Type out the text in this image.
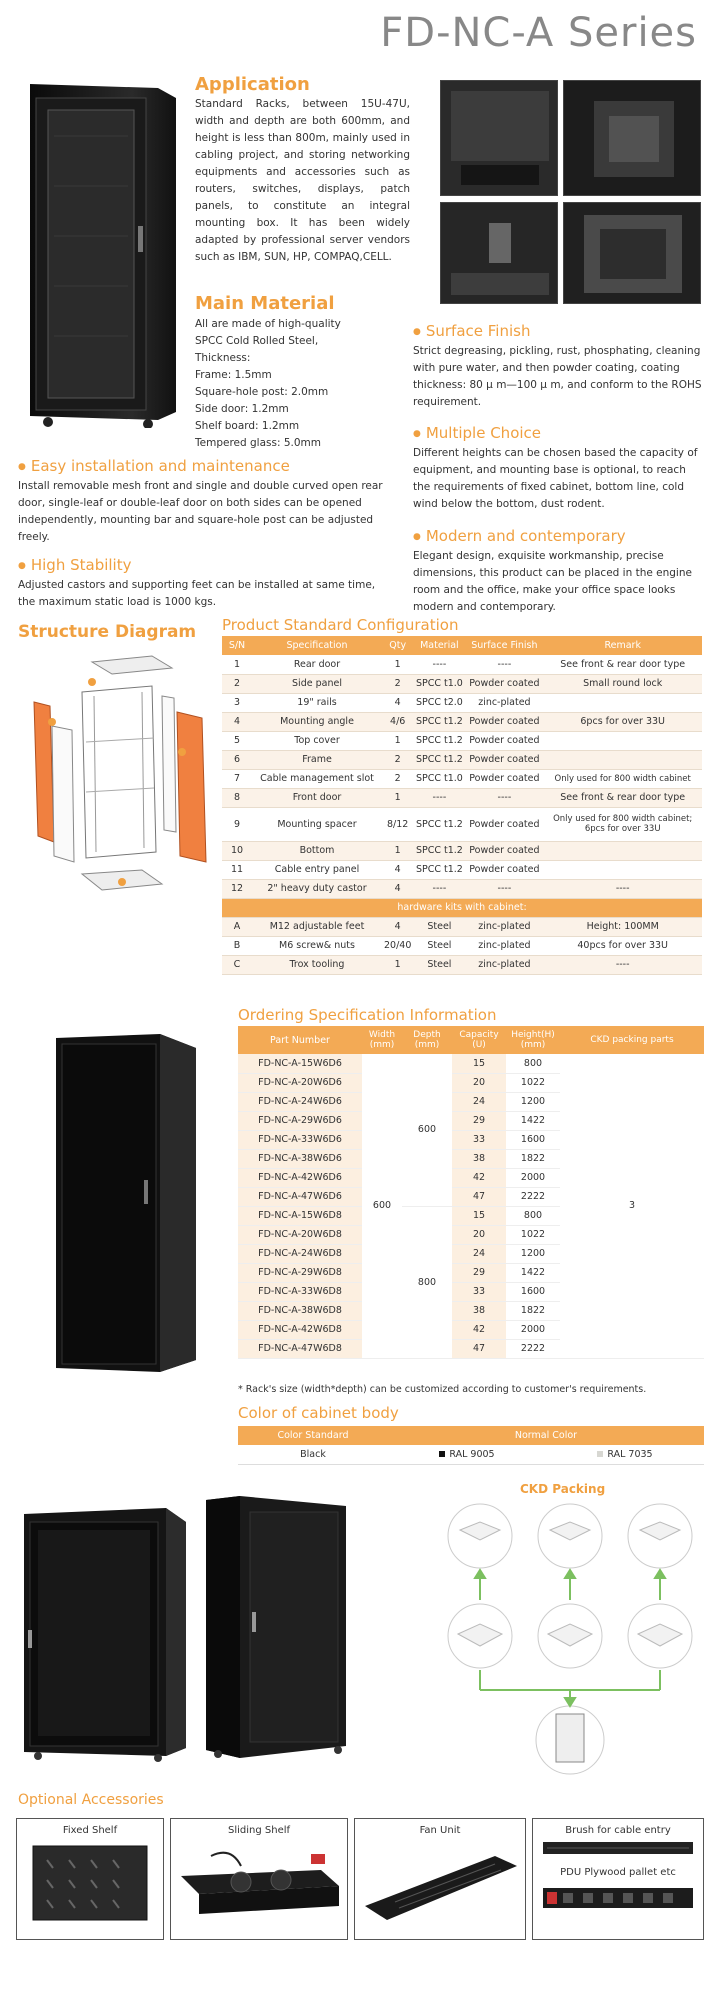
FD-NC-A Series
Application
Standard Racks, between 15U-47U, width and depth are both 600mm, and height is less than 800m, mainly used in cabling project, and storing networking equipments and accessories such as routers, switches, displays, patch panels, to constitute an integral mounting box. It has been widely adapted by professional server vendors such as IBM, SUN, HP, COMPAQ,CELL.
Main Material
All are made of high-quality
SPCC Cold Rolled Steel,
Thickness:
Frame: 1.5mm
Square-hole post: 2.0mm
Side door: 1.2mm
Shelf board: 1.2mm
Tempered glass: 5.0mm
● Surface Finish
Strict degreasing, pickling, rust, phosphating, cleaning with pure water, and then powder coating, coating thickness: 80 μ m—100 μ m, and conform to the ROHS requirement.
● Multiple Choice
Different heights can be chosen based the capacity of equipment, and mounting base is optional, to reach the requirements of fixed cabinet, bottom line, cold wind below the bottom, dust rodent.
● Modern and contemporary
Elegant design, exquisite workmanship, precise dimensions, this product can be placed in the engine room and the office, make your office space looks modern and contemporary.
● Easy installation and maintenance
Install removable mesh front and single and double curved open rear door, single-leaf or double-leaf door on both sides can be opened independently, mounting bar and square-hole post can be adjusted freely.
● High Stability
Adjusted castors and supporting feet can be installed at same time, the maximum static load is 1000 kgs.
Structure Diagram Product Standard Configuration
S/N	Specification	Qty	Material	Surface Finish	Remark
1	Rear door	1	----	----	See front & rear door type
2	Side panel	2	SPCC t1.0	Powder coated	Small round lock
3	19" rails	4	SPCC t2.0	zinc-plated	
4	Mounting angle	4/6	SPCC t1.2	Powder coated	6pcs for over 33U
5	Top cover	1	SPCC t1.2	Powder coated	
6	Frame	2	SPCC t1.2	Powder coated	
7	Cable management slot	2	SPCC t1.0	Powder coated	Only used for 800 width cabinet
8	Front door	1	----	----	See front & rear door type
9	Mounting spacer	8/12	SPCC t1.2	Powder coated	Only used for 800 width cabinet; 6pcs for over 33U
10	Bottom	1	SPCC t1.2	Powder coated	
11	Cable entry panel	4	SPCC t1.2	Powder coated	
12	2" heavy duty castor	4	----	----	----
hardware kits with cabinet:					
A	M12 adjustable feet	4	Steel	zinc-plated	Height: 100MM
B	M6 screw& nuts	20/40	Steel	zinc-plated	40pcs for over 33U
C	Trox tooling	1	Steel	zinc-plated	----
Ordering Specification Information
Part Number	Width (mm)	Depth (mm)	Capacity (U)	Height(H) (mm)	CKD packing parts
FD-NC-A-15W6D6	600	600	15	800	3
FD-NC-A-20W6D6			20	1022	
FD-NC-A-24W6D6			24	1200	
FD-NC-A-29W6D6			29	1422	
FD-NC-A-33W6D6			33	1600	
FD-NC-A-38W6D6			38	1822	
FD-NC-A-42W6D6			42	2000	
FD-NC-A-47W6D6			47	2222	
FD-NC-A-15W6D8		800	15	800	
FD-NC-A-20W6D8			20	1022	
FD-NC-A-24W6D8			24	1200	
FD-NC-A-29W6D8			29	1422	
FD-NC-A-33W6D8			33	1600	
FD-NC-A-38W6D8			38	1822	
FD-NC-A-42W6D8			42	2000	
FD-NC-A-47W6D8			47	2222	
* Rack's size (width*depth) can be customized according to customer's requirements.
Color of cabinet body
Color Standard	Normal Color	
Black	RAL 9005	RAL 7035
CKD Packing
Optional Accessories
Fixed Shelf	Sliding Shelf	Fan Unit	Brush for cable entry
PDU Plywood pallet etc
